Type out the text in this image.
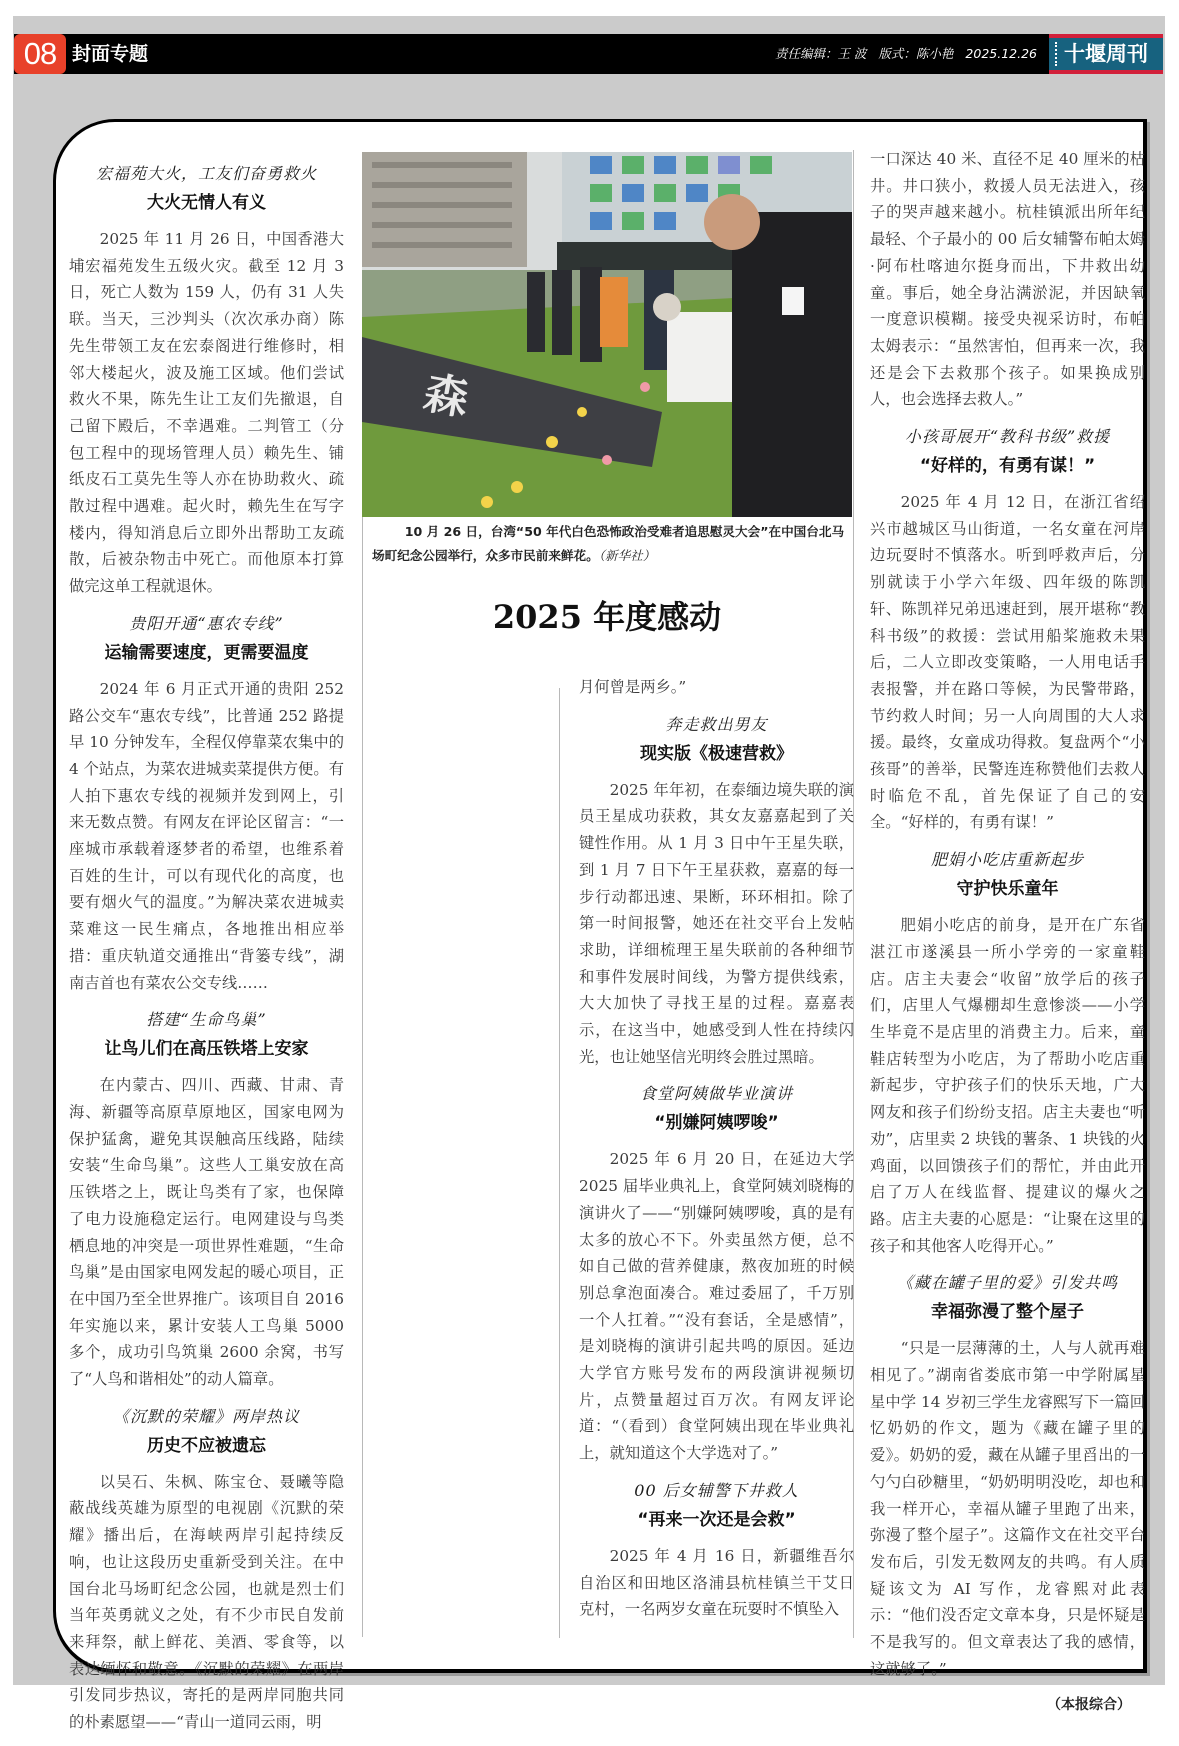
08 封面专题	责任编辑：王 波 版式：陈小艳 2025.12.26	十堰周刊
森
10 月 26 日，台湾“50 年代白色恐怖政治受难者追思慰灵大会”在中国台北马场町纪念公园举行，众多市民前来鲜花。（新华社）
2025 年度感动
宏福苑大火，工友们奋勇救火
大火无情人有义
2025 年 11 月 26 日，中国香港大埔宏福苑发生五级火灾。截至 12 月 3 日，死亡人数为 159 人，仍有 31 人失联。当天，三沙判头（次次承办商）陈先生带领工友在宏泰阁进行维修时，相邻大楼起火，波及施工区域。他们尝试救火不果，陈先生让工友们先撤退，自己留下殿后，不幸遇难。二判管工（分包工程中的现场管理人员）赖先生、铺纸皮石工莫先生等人亦在协助救火、疏散过程中遇难。起火时，赖先生在写字楼内，得知消息后立即外出帮助工友疏散，后被杂物击中死亡。而他原本打算做完这单工程就退休。
贵阳开通“惠农专线”
运输需要速度，更需要温度
2024 年 6 月正式开通的贵阳 252 路公交车“惠农专线”，比普通 252 路提早 10 分钟发车，全程仅停靠菜农集中的 4 个站点，为菜农进城卖菜提供方便。有人拍下惠农专线的视频并发到网上，引来无数点赞。有网友在评论区留言：“一座城市承载着逐梦者的希望，也维系着百姓的生计，可以有现代化的高度，也要有烟火气的温度。”为解决菜农进城卖菜难这一民生痛点，各地推出相应举措：重庆轨道交通推出“背篓专线”，湖南吉首也有菜农公交专线……
搭建“生命鸟巢”
让鸟儿们在高压铁塔上安家
在内蒙古、四川、西藏、甘肃、青海、新疆等高原草原地区，国家电网为保护猛禽，避免其误触高压线路，陆续安装“生命鸟巢”。这些人工巢安放在高压铁塔之上，既让鸟类有了家，也保障了电力设施稳定运行。电网建设与鸟类栖息地的冲突是一项世界性难题，“生命鸟巢”是由国家电网发起的暖心项目，正在中国乃至全世界推广。该项目自 2016 年实施以来，累计安装人工鸟巢 5000 多个，成功引鸟筑巢 2600 余窝，书写了“人鸟和谐相处”的动人篇章。
《沉默的荣耀》两岸热议
历史不应被遗忘
以吴石、朱枫、陈宝仓、聂曦等隐蔽战线英雄为原型的电视剧《沉默的荣耀》播出后，在海峡两岸引起持续反响，也让这段历史重新受到关注。在中国台北马场町纪念公园，也就是烈士们当年英勇就义之处，有不少市民自发前来拜祭，献上鲜花、美酒、零食等，以表达缅怀和敬意。《沉默的荣耀》在两岸引发同步热议，寄托的是两岸同胞共同的朴素愿望——“青山一道同云雨，明
月何曾是两乡。”
奔走救出男友
现实版《极速营救》
2025 年年初，在泰缅边境失联的演员王星成功获救，其女友嘉嘉起到了关键性作用。从 1 月 3 日中午王星失联，到 1 月 7 日下午王星获救，嘉嘉的每一步行动都迅速、果断，环环相扣。除了第一时间报警，她还在社交平台上发帖求助，详细梳理王星失联前的各种细节和事件发展时间线，为警方提供线索，大大加快了寻找王星的过程。嘉嘉表示，在这当中，她感受到人性在持续闪光，也让她坚信光明终会胜过黑暗。
食堂阿姨做毕业演讲
“别嫌阿姨啰唆”
2025 年 6 月 20 日，在延边大学 2025 届毕业典礼上，食堂阿姨刘晓梅的演讲火了——“别嫌阿姨啰唆，真的是有太多的放心不下。外卖虽然方便，总不如自己做的营养健康，熬夜加班的时候别总拿泡面凑合。难过委屈了，千万别一个人扛着。”“没有套话，全是感情”，是刘晓梅的演讲引起共鸣的原因。延边大学官方账号发布的两段演讲视频切片，点赞量超过百万次。有网友评论道：“（看到）食堂阿姨出现在毕业典礼上，就知道这个大学选对了。”
00 后女辅警下井救人
“再来一次还是会救”
2025 年 4 月 16 日，新疆维吾尔自治区和田地区洛浦县杭桂镇兰干艾日克村，一名两岁女童在玩耍时不慎坠入
一口深达 40 米、直径不足 40 厘米的枯井。井口狭小，救援人员无法进入，孩子的哭声越来越小。杭桂镇派出所年纪最轻、个子最小的 00 后女辅警布帕太姆·阿布杜喀迪尔挺身而出，下井救出幼童。事后，她全身沾满淤泥，并因缺氧一度意识模糊。接受央视采访时，布帕太姆表示：“虽然害怕，但再来一次，我还是会下去救那个孩子。如果换成别人，也会选择去救人。”
小孩哥展开“教科书级”救援
“好样的，有勇有谋！”
2025 年 4 月 12 日，在浙江省绍兴市越城区马山街道，一名女童在河岸边玩耍时不慎落水。听到呼救声后，分别就读于小学六年级、四年级的陈凯轩、陈凯祥兄弟迅速赶到，展开堪称“教科书级”的救援：尝试用船桨施救未果后，二人立即改变策略，一人用电话手表报警，并在路口等候，为民警带路，节约救人时间；另一人向周围的大人求援。最终，女童成功得救。复盘两个“小孩哥”的善举，民警连连称赞他们去救人时临危不乱，首先保证了自己的安全。“好样的，有勇有谋！”
肥娟小吃店重新起步
守护快乐童年
肥娟小吃店的前身，是开在广东省湛江市遂溪县一所小学旁的一家童鞋店。店主夫妻会“收留”放学后的孩子们，店里人气爆棚却生意惨淡——小学生毕竟不是店里的消费主力。后来，童鞋店转型为小吃店，为了帮助小吃店重新起步，守护孩子们的快乐天地，广大网友和孩子们纷纷支招。店主夫妻也“听劝”，店里卖 2 块钱的薯条、1 块钱的火鸡面，以回馈孩子们的帮忙，并由此开启了万人在线监督、提建议的爆火之路。店主夫妻的心愿是：“让聚在这里的孩子和其他客人吃得开心。”
《藏在罐子里的爱》引发共鸣
幸福弥漫了整个屋子
“只是一层薄薄的土，人与人就再难相见了。”湖南省娄底市第一中学附属星星中学 14 岁初三学生龙睿熙写下一篇回忆奶奶的作文，题为《藏在罐子里的爱》。奶奶的爱，藏在从罐子里舀出的一勺勺白砂糖里，“奶奶明明没吃，却也和我一样开心，幸福从罐子里跑了出来，弥漫了整个屋子”。这篇作文在社交平台发布后，引发无数网友的共鸣。有人质疑该文为 AI 写作，龙睿熙对此表示：“他们没否定文章本身，只是怀疑是不是我写的。但文章表达了我的感情，这就够了。”
（本报综合）
